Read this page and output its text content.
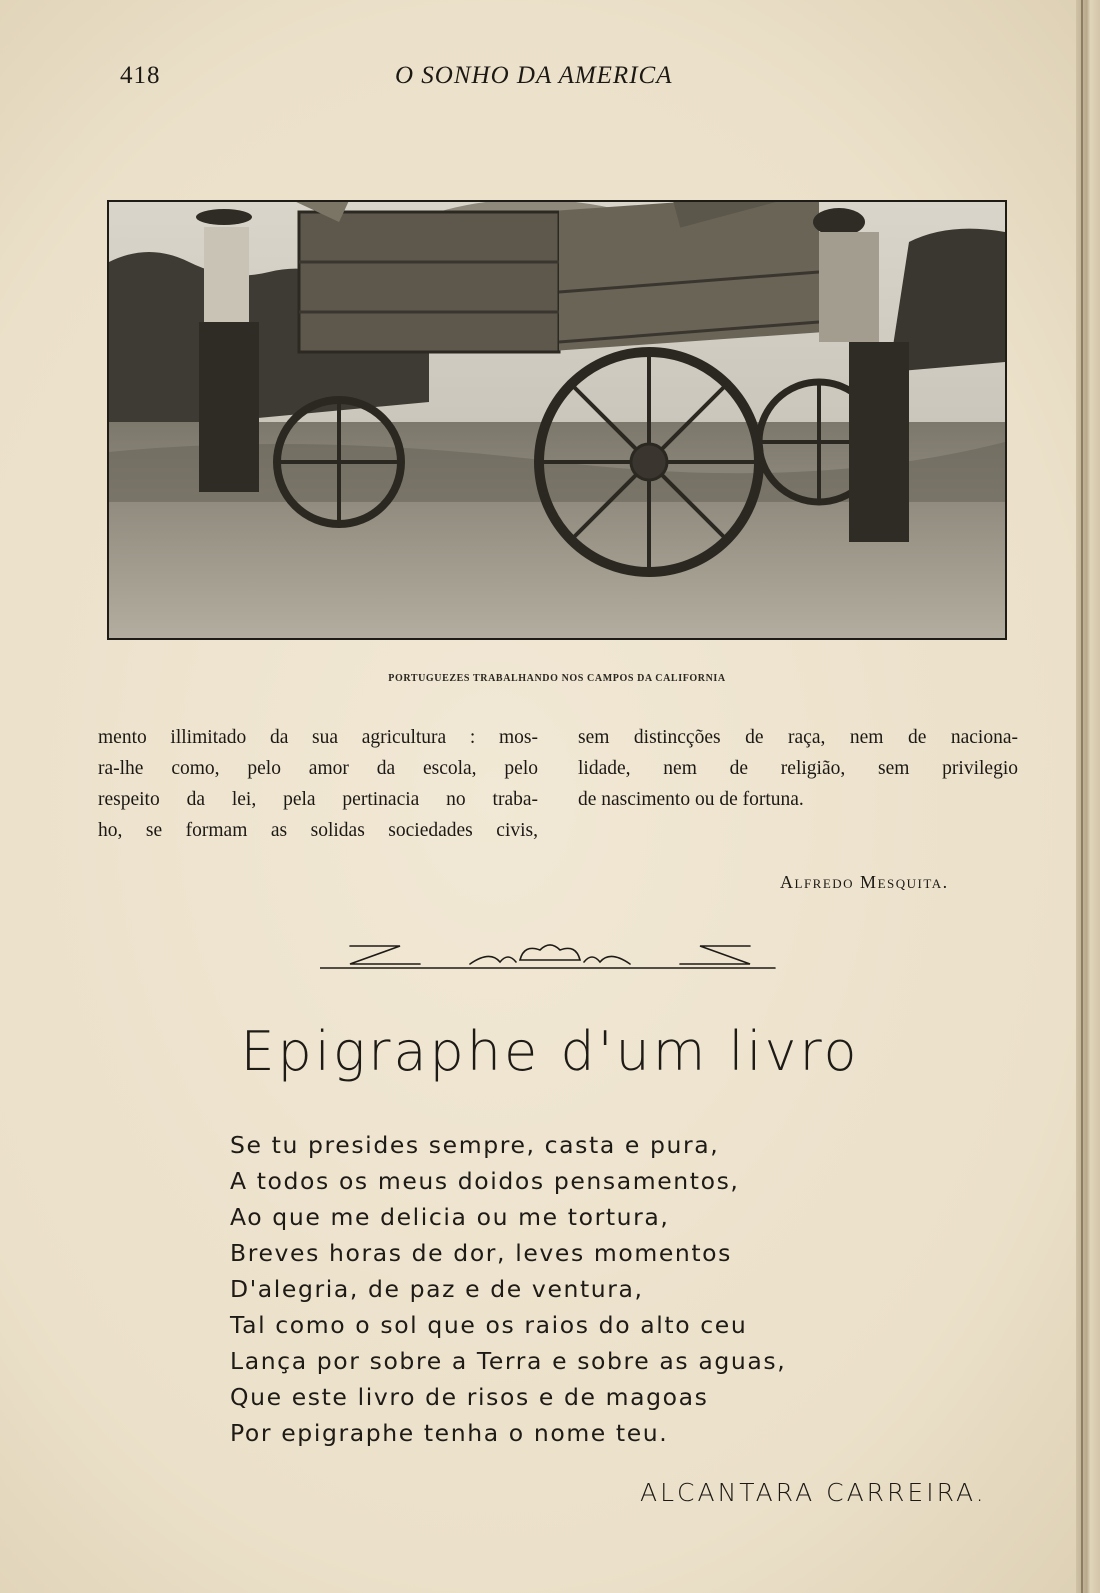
418	O SONHO DA AMERICA
PORTUGUEZES TRABALHANDO NOS CAMPOS DA CALIFORNIA
mento illimitado da sua agricultura : mos-
ra-lhe como, pelo amor da escola, pelo
respeito da lei, pela pertinacia no traba-
ho, se formam as solidas sociedades civis,
sem distincções de raça, nem de naciona-
lidade, nem de religião, sem privilegio
de nascimento ou de fortuna.
Alfredo Mesquita.
Epigraphe d'um livro
Se tu presides sempre, casta e pura,
A todos os meus doidos pensamentos,
Ao que me delicia ou me tortura,
Breves horas de dor, leves momentos
D'alegria, de paz e de ventura,
Tal como o sol que os raios do alto ceu
Lança por sobre a Terra e sobre as aguas,
Que este livro de risos e de magoas
Por epigraphe tenha o nome teu.
ALCANTARA CARREIRA.
